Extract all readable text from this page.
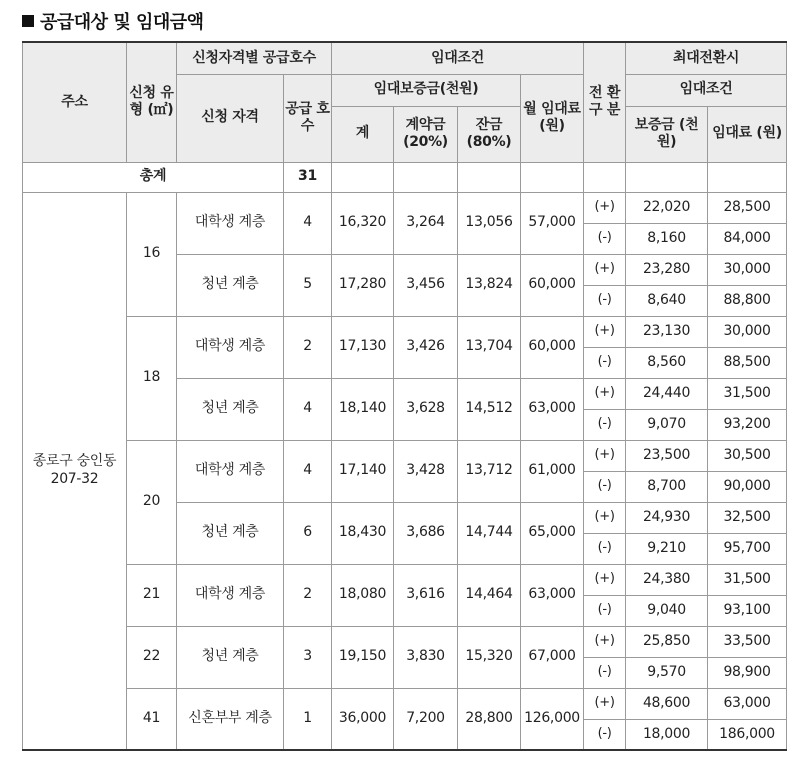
공급대상 및 임대금액
주소	신청 유형 (㎡)	신청자격별 공급호수		임대조건				전 환 구 분	최대전환시	
		신청 자격	공급 호수	임대보증금(천원)			월 임대료 (원)		임대조건	
				계	계약금 (20%)	잔금 (80%)			보증금 (천원)	임대료 (원)
총계			31							
종로구 숭인동 207-32	16	대학생 계층	4	16,320	3,264	13,056	57,000	(+)	22,020	28,500
								(-)	8,160	84,000
		청년 계층	5	17,280	3,456	13,824	60,000	(+)	23,280	30,000
								(-)	8,640	88,800
	18	대학생 계층	2	17,130	3,426	13,704	60,000	(+)	23,130	30,000
								(-)	8,560	88,500
		청년 계층	4	18,140	3,628	14,512	63,000	(+)	24,440	31,500
								(-)	9,070	93,200
	20	대학생 계층	4	17,140	3,428	13,712	61,000	(+)	23,500	30,500
								(-)	8,700	90,000
		청년 계층	6	18,430	3,686	14,744	65,000	(+)	24,930	32,500
								(-)	9,210	95,700
	21	대학생 계층	2	18,080	3,616	14,464	63,000	(+)	24,380	31,500
								(-)	9,040	93,100
	22	청년 계층	3	19,150	3,830	15,320	67,000	(+)	25,850	33,500
								(-)	9,570	98,900
	41	신혼부부 계층	1	36,000	7,200	28,800	126,000	(+)	48,600	63,000
								(-)	18,000	186,000
